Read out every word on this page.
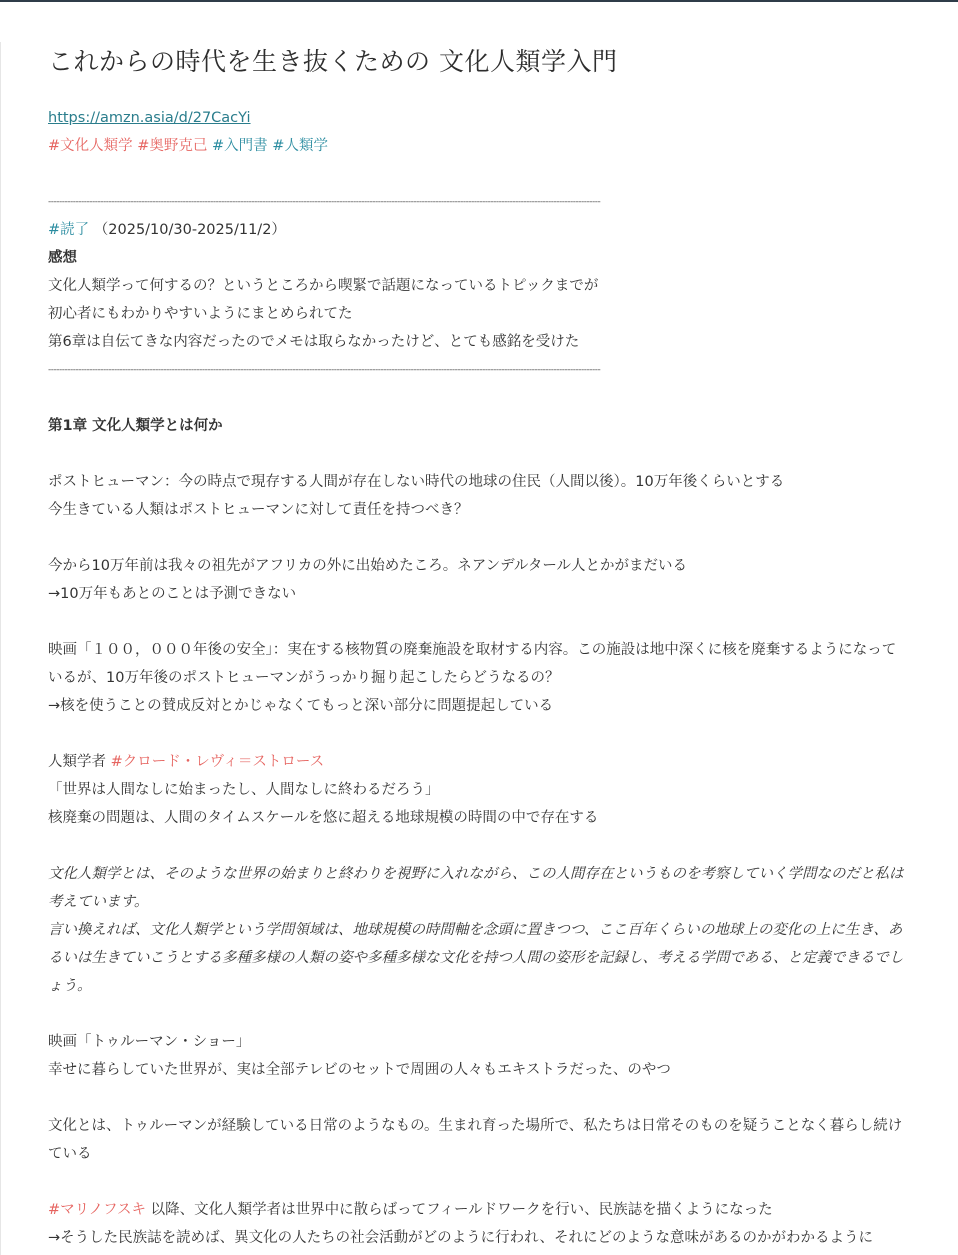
これからの時代を生き抜くための 文化人類学入門
https://amzn.asia/d/27CacYi
#文化人類学 #奥野克己 #入門書 #人類学
---------------------------------------------------------------------------------------------------------------------------------------------------------------------------------------------------------
#読了 （2025/10/30-2025/11/2）
感想
文化人類学って何するの？というところから喫緊で話題になっているトピックまでが
初心者にもわかりやすいようにまとめられてた
第6章は自伝てきな内容だったのでメモは取らなかったけど、とても感銘を受けた
---------------------------------------------------------------------------------------------------------------------------------------------------------------------------------------------------------
第1章 文化人類学とは何か
ポストヒューマン：今の時点で現存する人間が存在しない時代の地球の住民（人間以後）。10万年後くらいとする
今生きている人類はポストヒューマンに対して責任を持つべき？
今から10万年前は我々の祖先がアフリカの外に出始めたころ。ネアンデルタール人とかがまだいる
→10万年もあとのことは予測できない
映画「１００，０００年後の安全」：実在する核物質の廃棄施設を取材する内容。この施設は地中深くに核を廃棄するようになっているが、10万年後のポストヒューマンがうっかり掘り起こしたらどうなるの？
→核を使うことの賛成反対とかじゃなくてもっと深い部分に問題提起している
人類学者 #クロード・レヴィ＝ストロース
「世界は人間なしに始まったし、人間なしに終わるだろう」
核廃棄の問題は、人間のタイムスケールを悠に超える地球規模の時間の中で存在する
文化人類学とは、そのような世界の始まりと終わりを視野に入れながら、この人間存在というものを考察していく学問なのだと私は考えています。
言い換えれば、文化人類学という学問領域は、地球規模の時間軸を念頭に置きつつ、ここ百年くらいの地球上の変化の上に生き、あるいは生きていこうとする多種多様の人類の姿や多種多様な文化を持つ人間の姿形を記録し、考える学問である、と定義できるでしょう。
映画「トゥルーマン・ショー」
幸せに暮らしていた世界が、実は全部テレビのセットで周囲の人々もエキストラだった、のやつ
文化とは、トゥルーマンが経験している日常のようなもの。生まれ育った場所で、私たちは日常そのものを疑うことなく暮らし続けている
#マリノフスキ 以降、文化人類学者は世界中に散らばってフィールドワークを行い、民族誌を描くようになった
→そうした民族誌を読めば、異文化の人たちの社会活動がどのように行われ、それにどのような意味があるのかがわかるように
